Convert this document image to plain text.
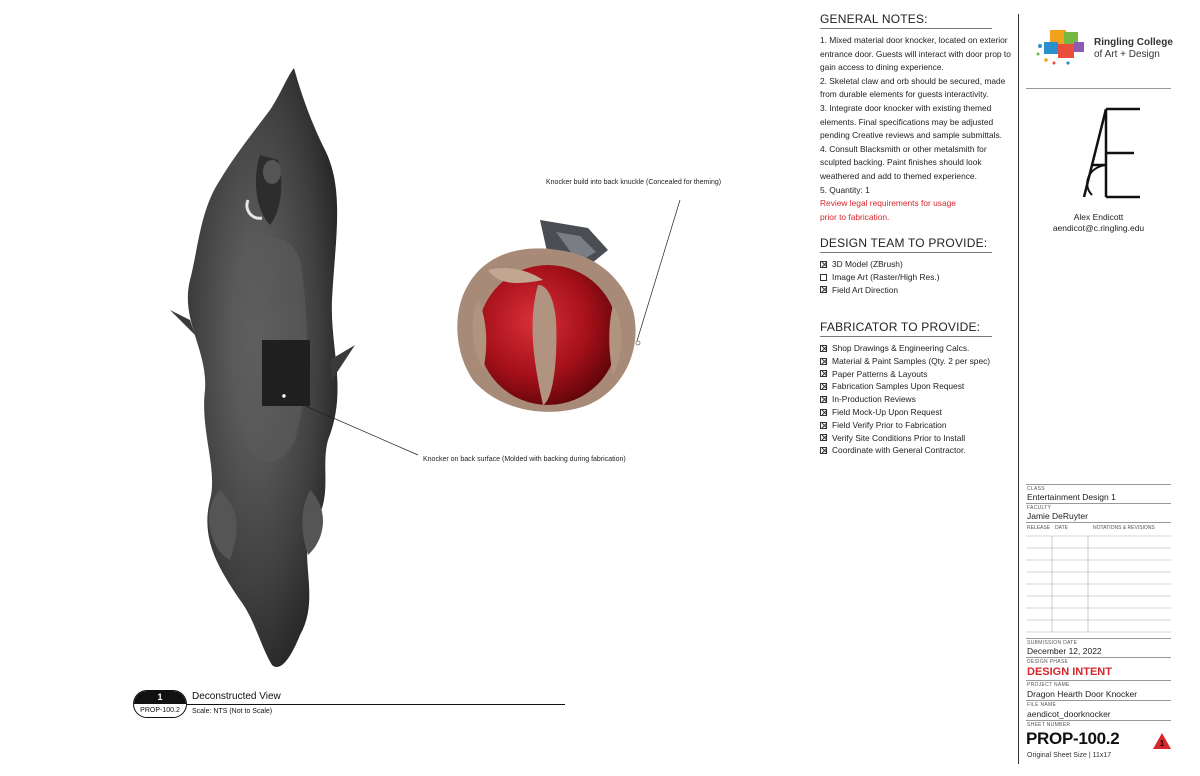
Knocker build into back knuckle (Concealed for theming)
Knocker on back surface (Molded with backing during fabrication)
1
PROP-100.2
Deconstructed View
Scale: NTS (Not to Scale)
GENERAL NOTES:

1. Mixed material door knocker, located on exterior entrance door. Guests will interact with door prop to gain access to dining experience.

2. Skeletal claw and orb should be secured, made from durable elements for guests interactivity.

3. Integrate door knocker with existing themed elements. Final specifications may be adjusted pending Creative reviews and sample submittals.

4. Consult Blacksmith or other metalsmith for sculpted backing. Paint finishes should look weathered and add to themed experience.

5. Quantity: 1

Review legal requirements for usage prior to fabrication.

DESIGN TEAM TO PROVIDE:
3D Model (ZBrush)
Image Art (Raster/High Res.)
Field Art Direction
FABRICATOR TO PROVIDE:
Shop Drawings & Engineering Calcs.
Material & Paint Samples (Qty. 2 per spec)
Paper Patterns & Layouts
Fabrication Samples Upon Request
In-Production Reviews
Field Mock-Up Upon Request
Field Verify Prior to Fabrication
Verify Site Conditions Prior to Install
Coordinate with General Contractor.
Ringling College
of Art + Design
Alex Endicott
aendicot@c.ringling.edu
CLASS
Entertainment Design 1
FACULTY
Jamie DeRuyter
RELEASE DATE	NOTATIONS & REVISIONS
SUBMISSION DATE
December 12, 2022
DESIGN PHASE
DESIGN INTENT
PROJECT NAME
Dragon Hearth Door Knocker
FILE NAME
aendicot_doorknocker
SHEET NUMBER
PROP-100.2
Original Sheet Size | 11x17
1
